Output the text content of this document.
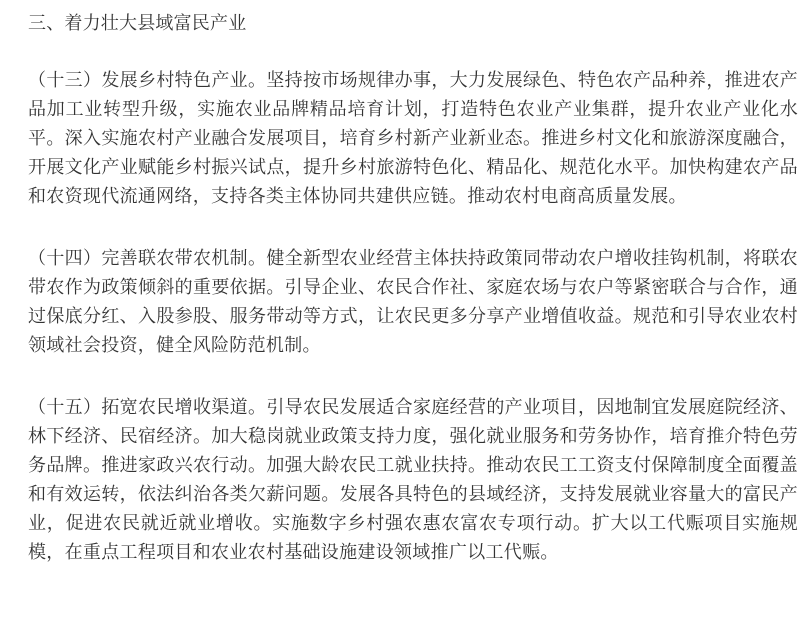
三、着力壮大县域富民产业

（十三）发展乡村特色产业。坚持按市场规律办事，大力发展绿色、特色农产品种养，推进农产品加工业转型升级，实施农业品牌精品培育计划，打造特色农业产业集群，提升农业产业化水平。深入实施农村产业融合发展项目，培育乡村新产业新业态。推进乡村文化和旅游深度融合，开展文化产业赋能乡村振兴试点，提升乡村旅游特色化、精品化、规范化水平。加快构建农产品和农资现代流通网络，支持各类主体协同共建供应链。推动农村电商高质量发展。

（十四）完善联农带农机制。健全新型农业经营主体扶持政策同带动农户增收挂钩机制，将联农带农作为政策倾斜的重要依据。引导企业、农民合作社、家庭农场与农户等紧密联合与合作，通过保底分红、入股参股、服务带动等方式，让农民更多分享产业增值收益。规范和引导农业农村领域社会投资，健全风险防范机制。

（十五）拓宽农民增收渠道。引导农民发展适合家庭经营的产业项目，因地制宜发展庭院经济、林下经济、民宿经济。加大稳岗就业政策支持力度，强化就业服务和劳务协作，培育推介特色劳务品牌。推进家政兴农行动。加强大龄农民工就业扶持。推动农民工工资支付保障制度全面覆盖和有效运转，依法纠治各类欠薪问题。发展各具特色的县域经济，支持发展就业容量大的富民产业，促进农民就近就业增收。实施数字乡村强农惠农富农专项行动。扩大以工代赈项目实施规模，在重点工程项目和农业农村基础设施建设领域推广以工代赈。
